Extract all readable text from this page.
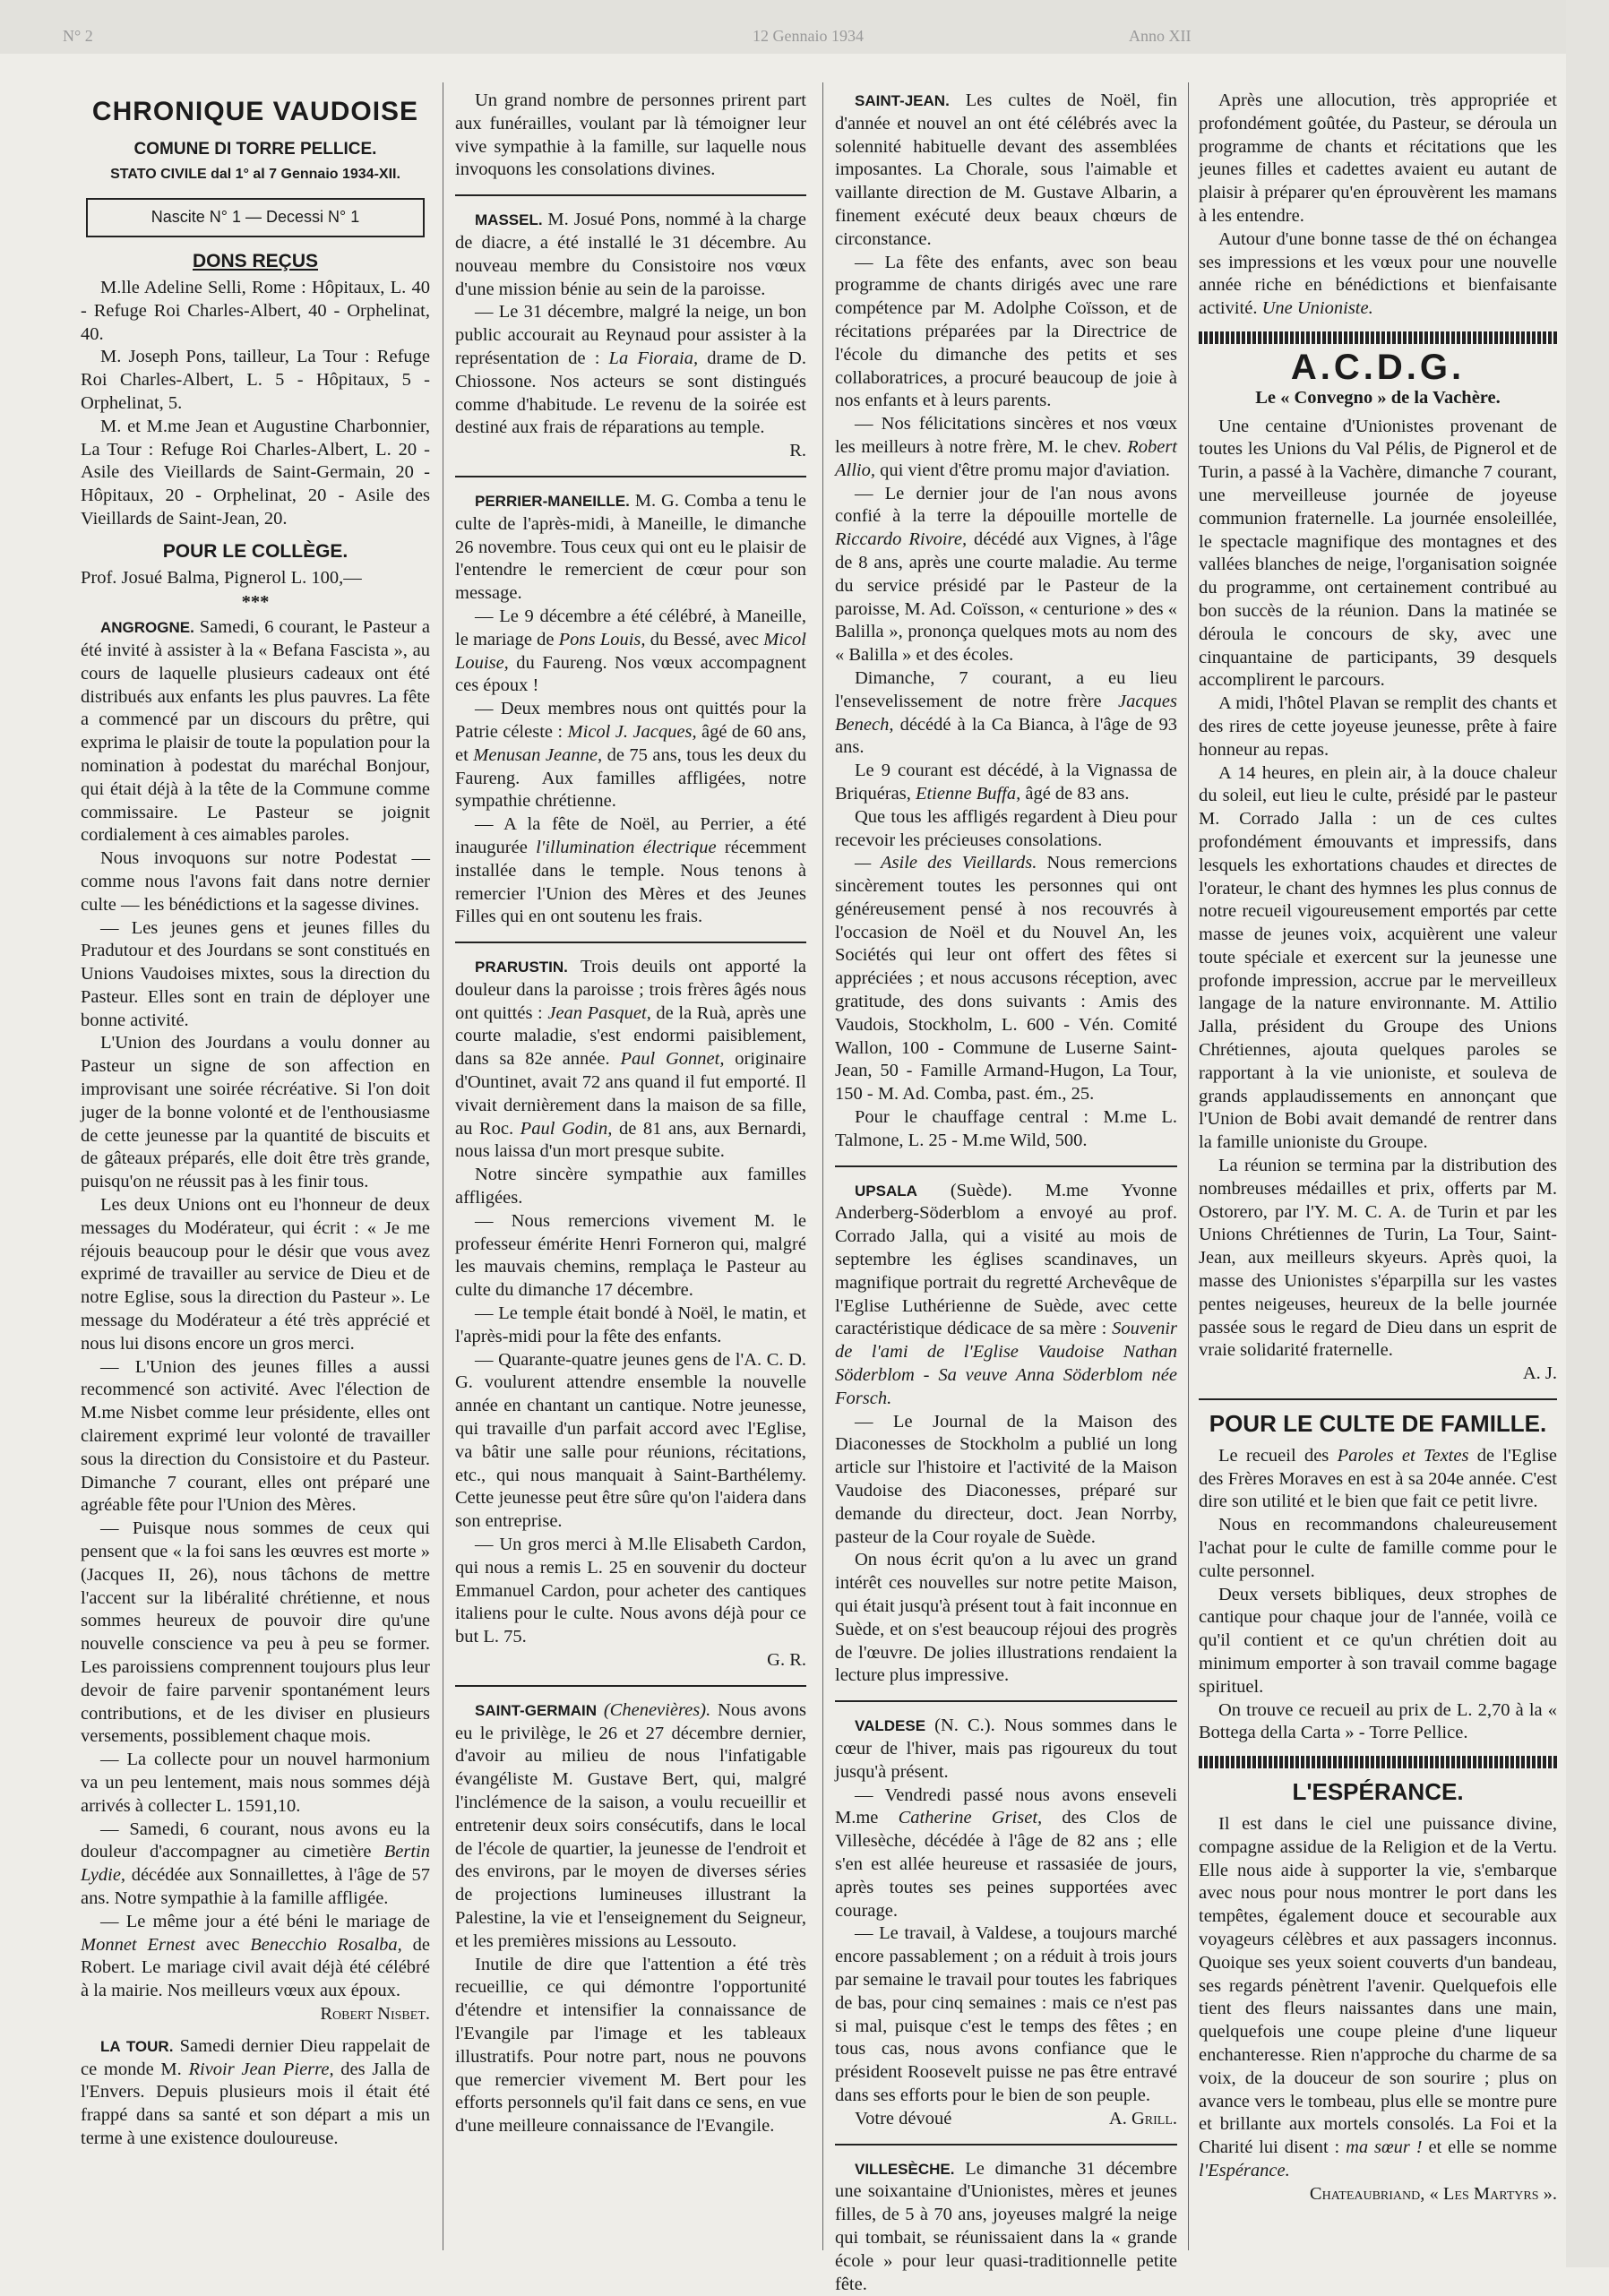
N° 2	12 Gennaio 1934	Anno XII
CHRONIQUE VAUDOISE
COMUNE DI TORRE PELLICE.
STATO CIVILE dal 1° al 7 Gennaio 1934-XII.
Nascite N° 1 — Decessi N° 1
DONS REÇUS

M.lle Adeline Selli, Rome : Hôpitaux, L. 40 - Refuge Roi Charles-Albert, 40 - Orphelinat, 40.

M. Joseph Pons, tailleur, La Tour : Refuge Roi Charles-Albert, L. 5 - Hôpitaux, 5 - Orphelinat, 5.

M. et M.me Jean et Augustine Charbonnier, La Tour : Refuge Roi Charles-Albert, L. 20 - Asile des Vieillards de Saint-Germain, 20 - Hôpitaux, 20 - Orphelinat, 20 - Asile des Vieillards de Saint-Jean, 20.

POUR LE COLLÈGE.

Prof. Josué Balma, Pignerol L. 100,—

***

ANGROGNE. Samedi, 6 courant, le Pasteur a été invité à assister à la « Befana Fascista », au cours de laquelle plusieurs cadeaux ont été distribués aux enfants les plus pauvres. La fête a commencé par un discours du prêtre, qui exprima le plaisir de toute la population pour la nomination à podestat du maréchal Bonjour, qui était déjà à la tête de la Commune comme commissaire. Le Pasteur se joignit cordialement à ces aimables paroles.

Nous invoquons sur notre Podestat — comme nous l'avons fait dans notre dernier culte — les bénédictions et la sagesse divines.

— Les jeunes gens et jeunes filles du Pradutour et des Jourdans se sont constitués en Unions Vaudoises mixtes, sous la direction du Pasteur. Elles sont en train de déployer une bonne activité.

L'Union des Jourdans a voulu donner au Pasteur un signe de son affection en improvisant une soirée récréative. Si l'on doit juger de la bonne volonté et de l'enthousiasme de cette jeunesse par la quantité de biscuits et de gâteaux préparés, elle doit être très grande, puisqu'on ne réussit pas à les finir tous.

Les deux Unions ont eu l'honneur de deux messages du Modérateur, qui écrit : « Je me réjouis beaucoup pour le désir que vous avez exprimé de travailler au service de Dieu et de notre Eglise, sous la direction du Pasteur ». Le message du Modérateur a été très apprécié et nous lui disons encore un gros merci.

— L'Union des jeunes filles a aussi recommencé son activité. Avec l'élection de M.me Nisbet comme leur présidente, elles ont clairement exprimé leur volonté de travailler sous la direction du Consistoire et du Pasteur. Dimanche 7 courant, elles ont préparé une agréable fête pour l'Union des Mères.

— Puisque nous sommes de ceux qui pensent que « la foi sans les œuvres est morte » (Jacques II, 26), nous tâchons de mettre l'accent sur la libéralité chrétienne, et nous sommes heureux de pouvoir dire qu'une nouvelle conscience va peu à peu se former. Les paroissiens comprennent toujours plus leur devoir de faire parvenir spontanément leurs contributions, et de les diviser en plusieurs versements, possiblement chaque mois.

— La collecte pour un nouvel harmonium va un peu lentement, mais nous sommes déjà arrivés à collecter L. 1591,10.

— Samedi, 6 courant, nous avons eu la douleur d'accompagner au cimetière Bertin Lydie, décédée aux Sonnaillettes, à l'âge de 57 ans. Notre sympathie à la famille affligée.

— Le même jour a été béni le mariage de Monnet Ernest avec Benecchio Rosalba, de Robert. Le mariage civil avait déjà été célébré à la mairie. Nos meilleurs vœux aux époux.

Robert Nisbet.

LA TOUR. Samedi dernier Dieu rappelait de ce monde M. Rivoir Jean Pierre, des Jalla de l'Envers. Depuis plusieurs mois il était été frappé dans sa santé et son départ a mis un terme à une existence douloureuse.

Un grand nombre de personnes prirent part aux funérailles, voulant par là témoigner leur vive sympathie à la famille, sur laquelle nous invoquons les consolations divines.

MASSEL. M. Josué Pons, nommé à la charge de diacre, a été installé le 31 décembre. Au nouveau membre du Consistoire nos vœux d'une mission bénie au sein de la paroisse.

— Le 31 décembre, malgré la neige, un bon public accourait au Reynaud pour assister à la représentation de : La Fioraia, drame de D. Chiossone. Nos acteurs se sont distingués comme d'habitude. Le revenu de la soirée est destiné aux frais de réparations au temple.

R.

PERRIER-MANEILLE. M. G. Comba a tenu le culte de l'après-midi, à Maneille, le dimanche 26 novembre. Tous ceux qui ont eu le plaisir de l'entendre le remercient de cœur pour son message.

— Le 9 décembre a été célébré, à Maneille, le mariage de Pons Louis, du Bessé, avec Micol Louise, du Faureng. Nos vœux accompagnent ces époux !

— Deux membres nous ont quittés pour la Patrie céleste : Micol J. Jacques, âgé de 60 ans, et Menusan Jeanne, de 75 ans, tous les deux du Faureng. Aux familles affligées, notre sympathie chrétienne.

— A la fête de Noël, au Perrier, a été inaugurée l'illumination électrique récemment installée dans le temple. Nous tenons à remercier l'Union des Mères et des Jeunes Filles qui en ont soutenu les frais.

PRARUSTIN. Trois deuils ont apporté la douleur dans la paroisse ; trois frères âgés nous ont quittés : Jean Pasquet, de la Ruà, après une courte maladie, s'est endormi paisiblement, dans sa 82e année. Paul Gonnet, originaire d'Ountinet, avait 72 ans quand il fut emporté. Il vivait dernièrement dans la maison de sa fille, au Roc. Paul Godin, de 81 ans, aux Bernardi, nous laissa d'un mort presque subite.

Notre sincère sympathie aux familles affligées.

— Nous remercions vivement M. le professeur émérite Henri Forneron qui, malgré les mauvais chemins, remplaça le Pasteur au culte du dimanche 17 décembre.

— Le temple était bondé à Noël, le matin, et l'après-midi pour la fête des enfants.

— Quarante-quatre jeunes gens de l'A. C. D. G. voulurent attendre ensemble la nouvelle année en chantant un cantique. Notre jeunesse, qui travaille d'un parfait accord avec l'Eglise, va bâtir une salle pour réunions, récitations, etc., qui nous manquait à Saint-Barthélemy. Cette jeunesse peut être sûre qu'on l'aidera dans son entreprise.

— Un gros merci à M.lle Elisabeth Cardon, qui nous a remis L. 25 en souvenir du docteur Emmanuel Cardon, pour acheter des cantiques italiens pour le culte. Nous avons déjà pour ce but L. 75.

G. R.

SAINT-GERMAIN (Chenevières). Nous avons eu le privilège, le 26 et 27 décembre dernier, d'avoir au milieu de nous l'infatigable évangéliste M. Gustave Bert, qui, malgré l'inclémence de la saison, a voulu recueillir et entretenir deux soirs consécutifs, dans le local de l'école de quartier, la jeunesse de l'endroit et des environs, par le moyen de diverses séries de projections lumineuses illustrant la Palestine, la vie et l'enseignement du Seigneur, et les premières missions au Lessouto.

Inutile de dire que l'attention a été très recueillie, ce qui démontre l'opportunité d'étendre et intensifier la connaissance de l'Evangile par l'image et les tableaux illustratifs. Pour notre part, nous ne pouvons que remercier vivement M. Bert pour les efforts personnels qu'il fait dans ce sens, en vue d'une meilleure connaissance de l'Evangile.

SAINT-JEAN. Les cultes de Noël, fin d'année et nouvel an ont été célébrés avec la solennité habituelle devant des assemblées imposantes. La Chorale, sous l'aimable et vaillante direction de M. Gustave Albarin, a finement exécuté deux beaux chœurs de circonstance.

— La fête des enfants, avec son beau programme de chants dirigés avec une rare compétence par M. Adolphe Coïsson, et de récitations préparées par la Directrice de l'école du dimanche des petits et ses collaboratrices, a procuré beaucoup de joie à nos enfants et à leurs parents.

— Nos félicitations sincères et nos vœux les meilleurs à notre frère, M. le chev. Robert Allio, qui vient d'être promu major d'aviation.

— Le dernier jour de l'an nous avons confié à la terre la dépouille mortelle de Riccardo Rivoire, décédé aux Vignes, à l'âge de 8 ans, après une courte maladie. Au terme du service présidé par le Pasteur de la paroisse, M. Ad. Coïsson, « centurione » des « Balilla », prononça quelques mots au nom des « Balilla » et des écoles.

Dimanche, 7 courant, a eu lieu l'ensevelissement de notre frère Jacques Benech, décédé à la Ca Bianca, à l'âge de 93 ans.

Le 9 courant est décédé, à la Vignassa de Briquéras, Etienne Buffa, âgé de 83 ans.

Que tous les affligés regardent à Dieu pour recevoir les précieuses consolations.

— Asile des Vieillards. Nous remercions sincèrement toutes les personnes qui ont généreusement pensé à nos recouvrés à l'occasion de Noël et du Nouvel An, les Sociétés qui leur ont offert des fêtes si appréciées ; et nous accusons réception, avec gratitude, des dons suivants : Amis des Vaudois, Stockholm, L. 600 - Vén. Comité Wallon, 100 - Commune de Luserne Saint-Jean, 50 - Famille Armand-Hugon, La Tour, 150 - M. Ad. Comba, past. ém., 25.

Pour le chauffage central : M.me L. Talmone, L. 25 - M.me Wild, 500.

UPSALA (Suède). M.me Yvonne Anderberg-Söderblom a envoyé au prof. Corrado Jalla, qui a visité au mois de septembre les églises scandinaves, un magnifique portrait du regretté Archevêque de l'Eglise Luthérienne de Suède, avec cette caractéristique dédicace de sa mère : Souvenir de l'ami de l'Eglise Vaudoise Nathan Söderblom - Sa veuve Anna Söderblom née Forsch.

— Le Journal de la Maison des Diaconesses de Stockholm a publié un long article sur l'histoire et l'activité de la Maison Vaudoise des Diaconesses, préparé sur demande du directeur, doct. Jean Norrby, pasteur de la Cour royale de Suède.

On nous écrit qu'on a lu avec un grand intérêt ces nouvelles sur notre petite Maison, qui était jusqu'à présent tout à fait inconnue en Suède, et on s'est beaucoup réjoui des progrès de l'œuvre. De jolies illustrations rendaient la lecture plus impressive.

VALDESE (N. C.). Nous sommes dans le cœur de l'hiver, mais pas rigoureux du tout jusqu'à présent.

— Vendredi passé nous avons enseveli M.me Catherine Griset, des Clos de Villesèche, décédée à l'âge de 82 ans ; elle s'en est allée heureuse et rassasiée de jours, après toutes ses peines supportées avec courage.

— Le travail, à Valdese, a toujours marché encore passablement ; on a réduit à trois jours par semaine le travail pour toutes les fabriques de bas, pour cinq semaines : mais ce n'est pas si mal, puisque c'est le temps des fêtes ; en tous cas, nous avons confiance que le président Roosevelt puisse ne pas être entravé dans ses efforts pour le bien de son peuple.

Votre dévoué	A. Grill.

VILLESÈCHE. Le dimanche 31 décembre une soixantaine d'Unionistes, mères et jeunes filles, de 5 à 70 ans, joyeuses malgré la neige qui tombait, se réunissaient dans la « grande école » pour leur quasi-traditionnelle petite fête.

Après une allocution, très appropriée et profondément goûtée, du Pasteur, se déroula un programme de chants et récitations que les jeunes filles et cadettes avaient eu autant de plaisir à préparer qu'en éprouvèrent les mamans à les entendre.

Autour d'une bonne tasse de thé on échangea ses impressions et les vœux pour une nouvelle année riche en bénédictions et bienfaisante activité. Une Unioniste.

A.C.D.G.
Le « Convegno » de la Vachère.

Une centaine d'Unionistes provenant de toutes les Unions du Val Pélis, de Pignerol et de Turin, a passé à la Vachère, dimanche 7 courant, une merveilleuse journée de joyeuse communion fraternelle. La journée ensoleillée, le spectacle magnifique des montagnes et des vallées blanches de neige, l'organisation soignée du programme, ont certainement contribué au bon succès de la réunion. Dans la matinée se déroula le concours de sky, avec une cinquantaine de participants, 39 desquels accomplirent le parcours.

A midi, l'hôtel Plavan se remplit des chants et des rires de cette joyeuse jeunesse, prête à faire honneur au repas.

A 14 heures, en plein air, à la douce chaleur du soleil, eut lieu le culte, présidé par le pasteur M. Corrado Jalla : un de ces cultes profondément émouvants et impressifs, dans lesquels les exhortations chaudes et directes de l'orateur, le chant des hymnes les plus connus de notre recueil vigoureusement emportés par cette masse de jeunes voix, acquièrent une valeur toute spéciale et exercent sur la jeunesse une profonde impression, accrue par le merveilleux langage de la nature environnante. M. Attilio Jalla, président du Groupe des Unions Chrétiennes, ajouta quelques paroles se rapportant à la vie unioniste, et souleva de grands applaudissements en annonçant que l'Union de Bobi avait demandé de rentrer dans la famille unioniste du Groupe.

La réunion se termina par la distribution des nombreuses médailles et prix, offerts par M. Ostorero, par l'Y. M. C. A. de Turin et par les Unions Chrétiennes de Turin, La Tour, Saint-Jean, aux meilleurs skyeurs. Après quoi, la masse des Unionistes s'éparpilla sur les vastes pentes neigeuses, heureux de la belle journée passée sous le regard de Dieu dans un esprit de vraie solidarité fraternelle.

A. J.

POUR LE CULTE DE FAMILLE.

Le recueil des Paroles et Textes de l'Eglise des Frères Moraves en est à sa 204e année. C'est dire son utilité et le bien que fait ce petit livre.

Nous en recommandons chaleureusement l'achat pour le culte de famille comme pour le culte personnel.

Deux versets bibliques, deux strophes de cantique pour chaque jour de l'année, voilà ce qu'il contient et ce qu'un chrétien doit au minimum emporter à son travail comme bagage spirituel.

On trouve ce recueil au prix de L. 2,70 à la « Bottega della Carta » - Torre Pellice.

L'ESPÉRANCE.

Il est dans le ciel une puissance divine, compagne assidue de la Religion et de la Vertu. Elle nous aide à supporter la vie, s'embarque avec nous pour nous montrer le port dans les tempêtes, également douce et secourable aux voyageurs célèbres et aux passagers inconnus. Quoique ses yeux soient couverts d'un bandeau, ses regards pénètrent l'avenir. Quelquefois elle tient des fleurs naissantes dans une main, quelquefois une coupe pleine d'une liqueur enchanteresse. Rien n'approche du charme de sa voix, de la douceur de son sourire ; plus on avance vers le tombeau, plus elle se montre pure et brillante aux mortels consolés. La Foi et la Charité lui disent : ma sœur ! et elle se nomme l'Espérance.

Chateaubriand, « Les Martyrs ».
